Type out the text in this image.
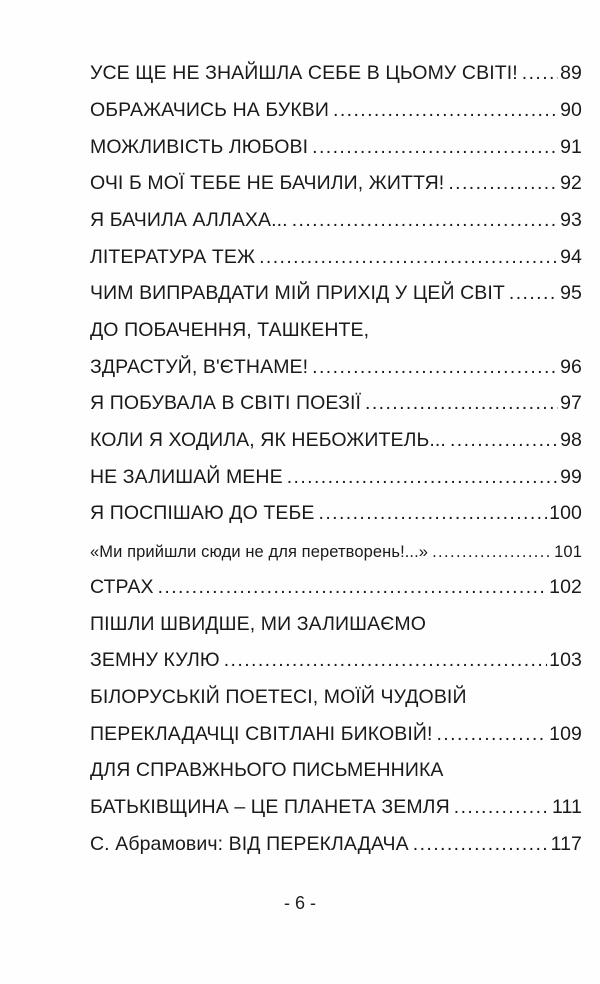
УСЕ ЩЕ НЕ ЗНАЙШЛА СЕБЕ В ЦЬОМУ СВІТІ! ..... 89
ОБРАЖАЧИСЬ НА БУКВИ .....	90
МОЖЛИВІСТЬ ЛЮБОВІ .....	91
ОЧІ Б МОЇ ТЕБЕ НЕ БАЧИЛИ, ЖИТТЯ! .....	92
Я БАЧИЛА АЛЛАХА... .....	93
ЛІТЕРАТУРА ТЕЖ .....	94
ЧИМ ВИПРАВДАТИ МІЙ ПРИХІД У ЦЕЙ СВІТ .....	95
ДО ПОБАЧЕННЯ, ТАШКЕНТЕ,
ЗДРАСТУЙ, В'ЄТНАМЕ! .....	96
Я ПОБУВАЛА В СВІТІ ПОЕЗІЇ .....	97
КОЛИ Я ХОДИЛА, ЯК НЕБОЖИТЕЛЬ... .....	98
НЕ ЗАЛИШАЙ МЕНЕ .....	99
Я ПОСПІШАЮ ДО ТЕБЕ .....	100
«Ми прийшли сюди не для перетворень!...» .....	101
СТРАХ .....	102
ПІШЛИ ШВИДШЕ, МИ ЗАЛИШАЄМО
ЗЕМНУ КУЛЮ .....	103
БІЛОРУСЬКІЙ ПОЕТЕСІ, МОЇЙ ЧУДОВІЙ
ПЕРЕКЛАДАЧЦІ СВІТЛАНІ БИКОВІЙ! .....	109
ДЛЯ СПРАВЖНЬОГО ПИСЬМЕННИКА
БАТЬКІВЩИНА – ЦЕ ПЛАНЕТА ЗЕМЛЯ .....	111
С. Абрамович: ВІД ПЕРЕКЛАДАЧА .....	117
- 6 -
